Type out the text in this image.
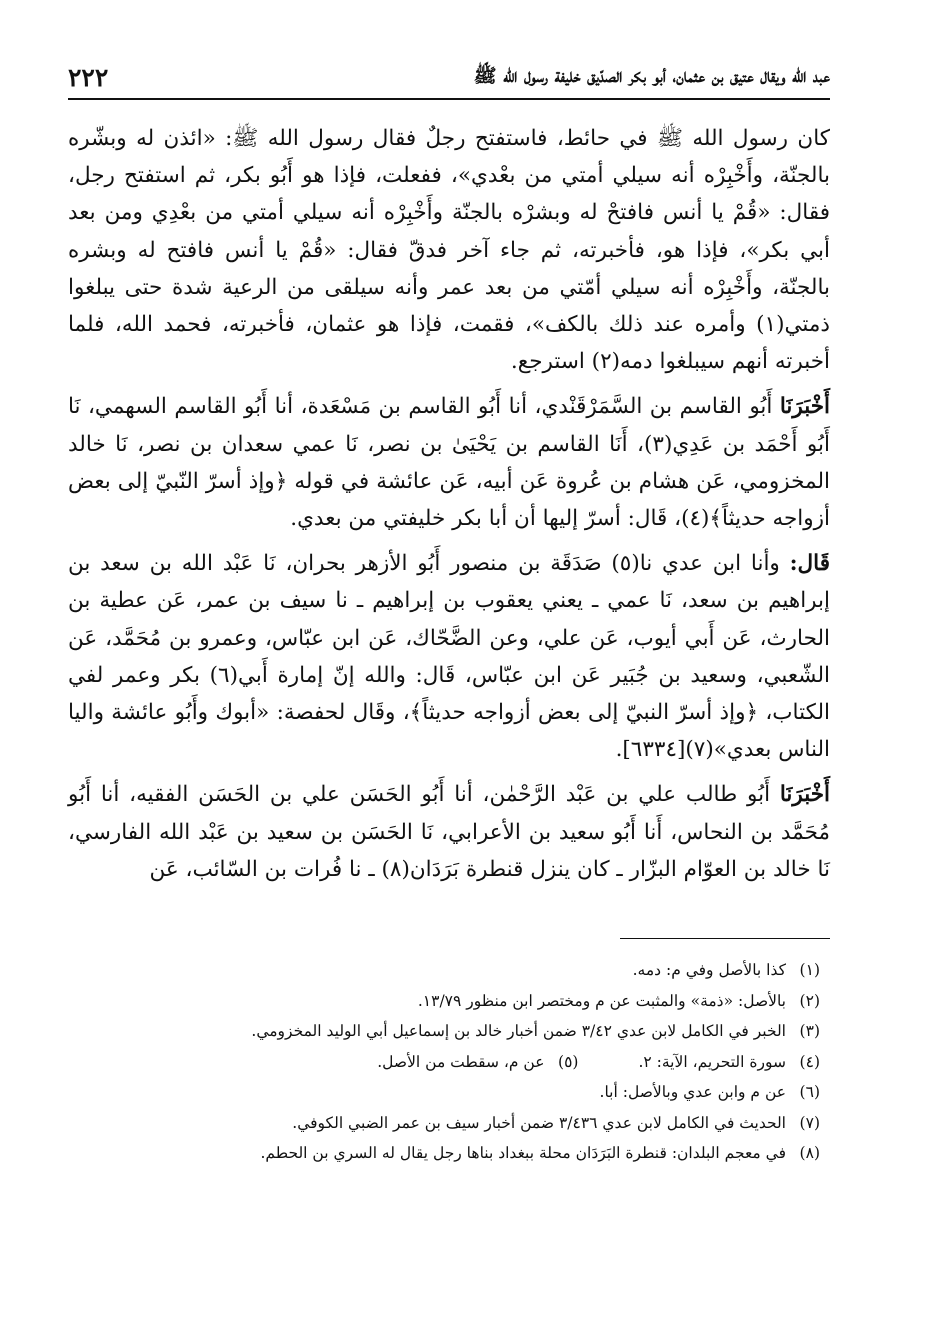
عبد الله ويقال عتيق بن عثمان، أبو بكر الصدّيق خليفة رسول الله ﷺ
٢٢٢

كان رسول الله ﷺ في حائط، فاستفتح رجلٌ فقال رسول الله ﷺ: «ائذن له وبشّره بالجنّة، وأَخْبِرْه أنه سيلي أمتي من بعْدي»، ففعلت، فإذا هو أَبُو بكر، ثم استفتح رجل، فقال: «قُمْ يا أنس فافتحْ له وبشرْه بالجنّة وأَخْبِرْه أنه سيلي أمتي من بعْدِي ومن بعد أبي بكر»، فإذا هو، فأخبرته، ثم جاء آخر فدقّ فقال: «قُمْ يا أنس فافتح له وبشره بالجنّة، وأَخْبِرْه أنه سيلي أمّتي من بعد عمر وأنه سيلقى من الرعية شدة حتى يبلغوا ذمتي(١) وأمره عند ذلك بالكف»، فقمت، فإذا هو عثمان، فأخبرته، فحمد الله، فلما أخبرته أنهم سيبلغوا دمه(٢) استرجع.

أَخْبَرَنَا أَبُو القاسم بن السَّمَرْقَنْدي، أنا أَبُو القاسم بن مَسْعَدة، أنا أَبُو القاسم السهمي، نَا أَبُو أَحْمَد بن عَدِي(٣)، أَنَا القاسم بن يَحْيَىٰ بن نصر، نَا عمي سعدان بن نصر، نَا خالد المخزومي، عَن هشام بن عُروة عَن أبيه، عَن عائشة في قوله ﴿وإذ أسرّ النّبيّ إلى بعض أزواجه حديثاً﴾(٤)، قَال: أسرّ إليها أن أبا بكر خليفتي من بعدي.

قَال: وأنا ابن عدي نا(٥) صَدَقَة بن منصور أَبُو الأزهر بحران، نَا عَبْد الله بن سعد بن إبراهيم بن سعد، نَا عمي ـ يعني يعقوب بن إبراهيم ـ نا سيف بن عمر، عَن عطية بن الحارث، عَن أَبي أيوب، عَن علي، وعن الضَّحّاك، عَن ابن عبّاس، وعمرو بن مُحَمَّد، عَن الشّعبي، وسعيد بن جُبَير عَن ابن عبّاس، قَال: والله إنّ إمارة أَبي(٦) بكر وعمر لفي الكتاب، ﴿وإذ أسرّ النبيّ إلى بعض أزواجه حديثاً﴾، وقَال لحفصة: «أبوك وأَبُو عائشة واليا الناس بعدي»(٧)[٦٣٣٤].

أَخْبَرَنَا أَبُو طالب علي بن عَبْد الرَّحْمٰن، أنا أَبُو الحَسَن علي بن الحَسَن الفقيه، أنا أَبُو مُحَمَّد بن النحاس، أَنا أَبُو سعيد بن الأعرابي، نَا الحَسَن بن سعيد بن عَبْد الله الفارسي، نَا خالد بن العوّام البزّار ـ كان ينزل قنطرة بَرَدَان(٨) ـ نا فُرات بن السّائب، عَن

(١)
كذا بالأصل وفي م: دمه.
(٢)
بالأصل: «ذمة» والمثبت عن م ومختصر ابن منظور ١٣/٧٩.
(٣)
الخبر في الكامل لابن عدي ٣/٤٢ ضمن أخبار خالد بن إسماعيل أبي الوليد المخزومي.
(٤)
سورة التحريم، الآية: ٢.
(٥)
عن م، سقطت من الأصل.
(٦)
عن م وابن عدي وبالأصل: أبا.
(٧)
الحديث في الكامل لابن عدي ٣/٤٣٦ ضمن أخبار سيف بن عمر الضبي الكوفي.
(٨)
في معجم البلدان: قنطرة البَرَدَان محلة ببغداد بناها رجل يقال له السري بن الحطم.
